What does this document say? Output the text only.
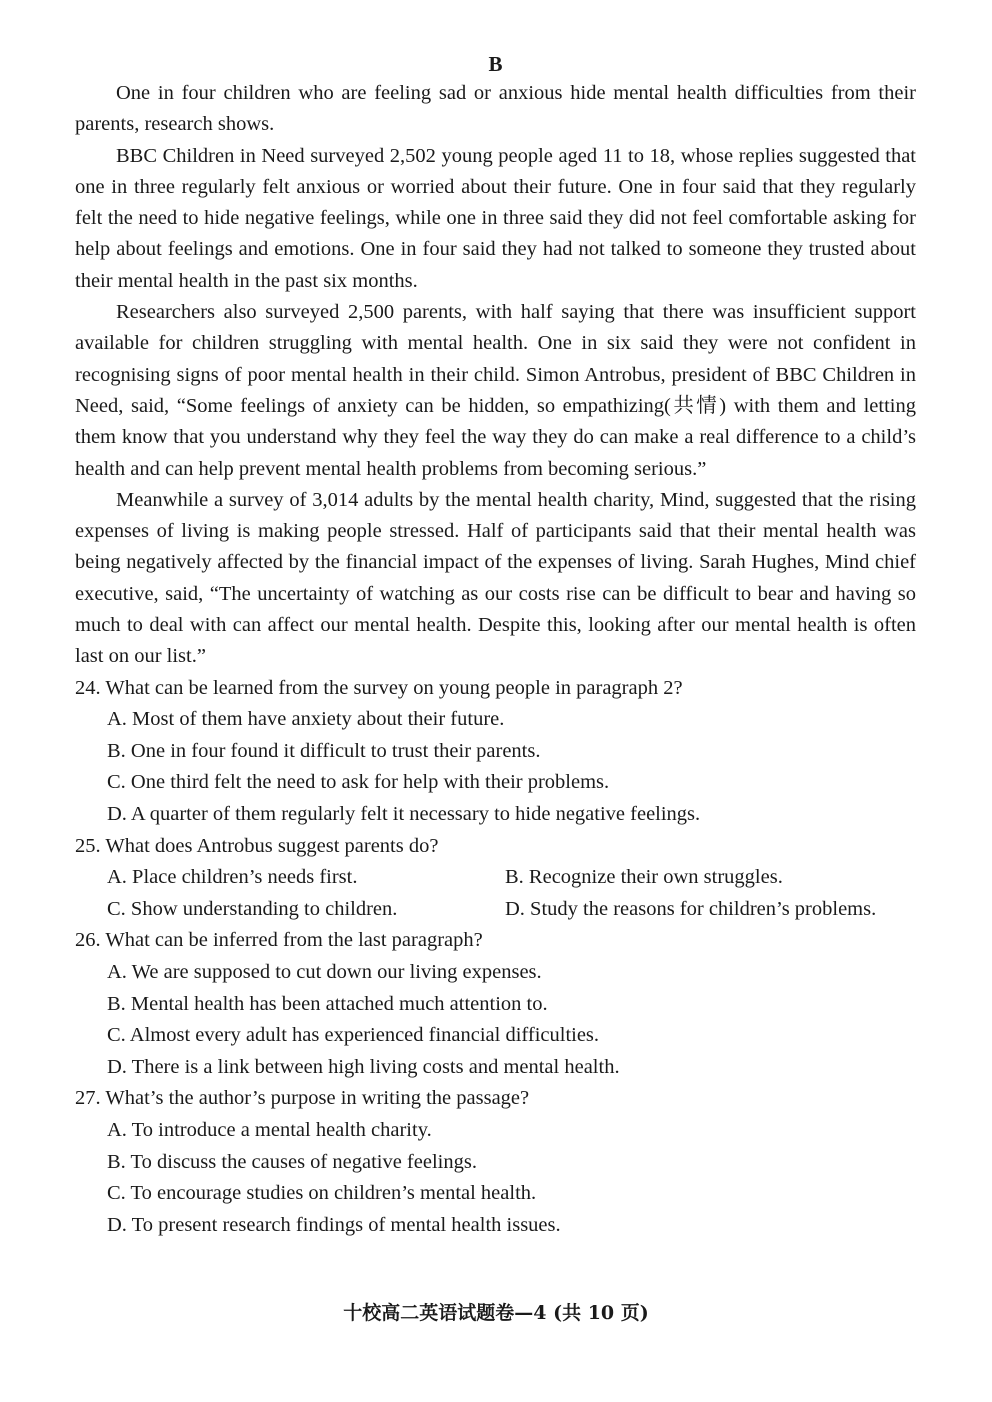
B

One in four children who are feeling sad or anxious hide mental health difficulties from their parents, research shows.

BBC Children in Need surveyed 2,502 young people aged 11 to 18, whose replies suggested that one in three regularly felt anxious or worried about their future. One in four said that they regularly felt the need to hide negative feelings, while one in three said they did not feel comfortable asking for help about feelings and emotions. One in four said they had not talked to someone they trusted about their mental health in the past six months.

Researchers also surveyed 2,500 parents, with half saying that there was insufficient support available for children struggling with mental health. One in six said they were not confident in recognising signs of poor mental health in their child. Simon Antrobus, president of BBC Children in Need, said, “Some feelings of anxiety can be hidden, so empathizing(共情) with them and letting them know that you understand why they feel the way they do can make a real difference to a child’s health and can help prevent mental health problems from becoming serious.”

Meanwhile a survey of 3,014 adults by the mental health charity, Mind, suggested that the rising expenses of living is making people stressed. Half of participants said that their mental health was being negatively affected by the financial impact of the expenses of living. Sarah Hughes, Mind chief executive, said, “The uncertainty of watching as our costs rise can be difficult to bear and having so much to deal with can affect our mental health. Despite this, looking after our mental health is often last on our list.”

24. What can be learned from the survey on young people in paragraph 2?

A. Most of them have anxiety about their future.

B. One in four found it difficult to trust their parents.

C. One third felt the need to ask for help with their problems.

D. A quarter of them regularly felt it necessary to hide negative feelings.

25. What does Antrobus suggest parents do?

A. Place children’s needs first.	B. Recognize their own struggles.
C. Show understanding to children.	D. Study the reasons for children’s problems.

26. What can be inferred from the last paragraph?

A. We are supposed to cut down our living expenses.

B. Mental health has been attached much attention to.

C. Almost every adult has experienced financial difficulties.

D. There is a link between high living costs and mental health.

27. What’s the author’s purpose in writing the passage?

A. To introduce a mental health charity.

B. To discuss the causes of negative feelings.

C. To encourage studies on children’s mental health.

D. To present research findings of mental health issues.

十校高二英语试题卷—4 (共 10 页)
